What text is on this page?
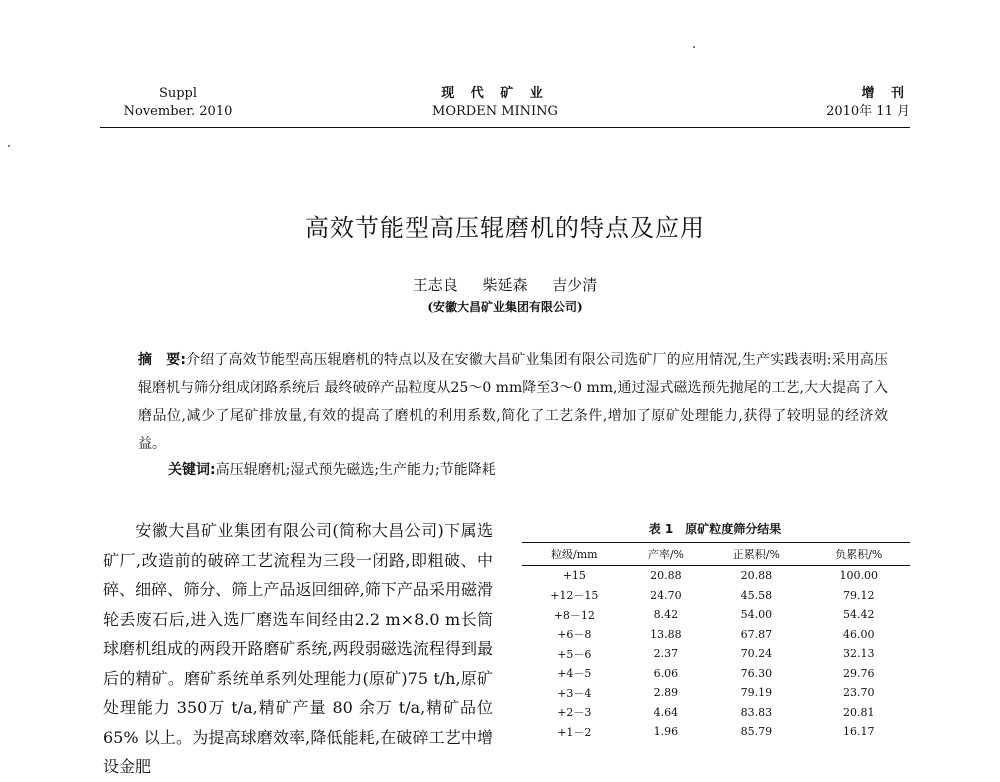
Suppl
November. 2010
现 代 矿 业
MORDEN MINING
增 刊
2010年 11 月
高效节能型高压辊磨机的特点及应用
王志良 柴延森 吉少清
(安徽大昌矿业集团有限公司)
摘　要:介绍了高效节能型高压辊磨机的特点以及在安徽大昌矿业集团有限公司选矿厂的应用情况,生产实践表明:采用高压辊磨机与筛分组成闭路系统后 最终破碎产品粒度从25～0 mm降至3～0 mm,通过湿式磁选预先抛尾的工艺,大大提高了入磨品位,减少了尾矿排放量,有效的提高了磨机的利用系数,简化了工艺条件,增加了原矿处理能力,获得了较明显的经济效益。
关键词:高压辊磨机;湿式预先磁选;生产能力;节能降耗
安徽大昌矿业集团有限公司(简称大昌公司)下属选矿厂,改造前的破碎工艺流程为三段一闭路,即粗破、中碎、细碎、筛分、筛上产品返回细碎,筛下产品采用磁滑轮丢废石后,进入选厂磨选车间经由2.2 m×8.0 m长筒球磨机组成的两段开路磨矿系统,两段弱磁选流程得到最后的精矿。磨矿系统单系列处理能力(原矿)75 t/h,原矿处理能力 350万 t/a,精矿产量 80 余万 t/a,精矿品位 65% 以上。为提高球磨效率,降低能耗,在破碎工艺中增设金肥
表 1　原矿粒度筛分结果
粒级/mm	产率/%	正累积/%	负累积/%
+15	20.88	20.88	100.00
+12－15	24.70	45.58	79.12
+8－12	8.42	54.00	54.42
+6－8	13.88	67.87	46.00
+5－6	2.37	70.24	32.13
+4－5	6.06	76.30	29.76
+3－4	2.89	79.19	23.70
+2－3	4.64	83.83	20.81
+1－2	1.96	85.79	16.17
